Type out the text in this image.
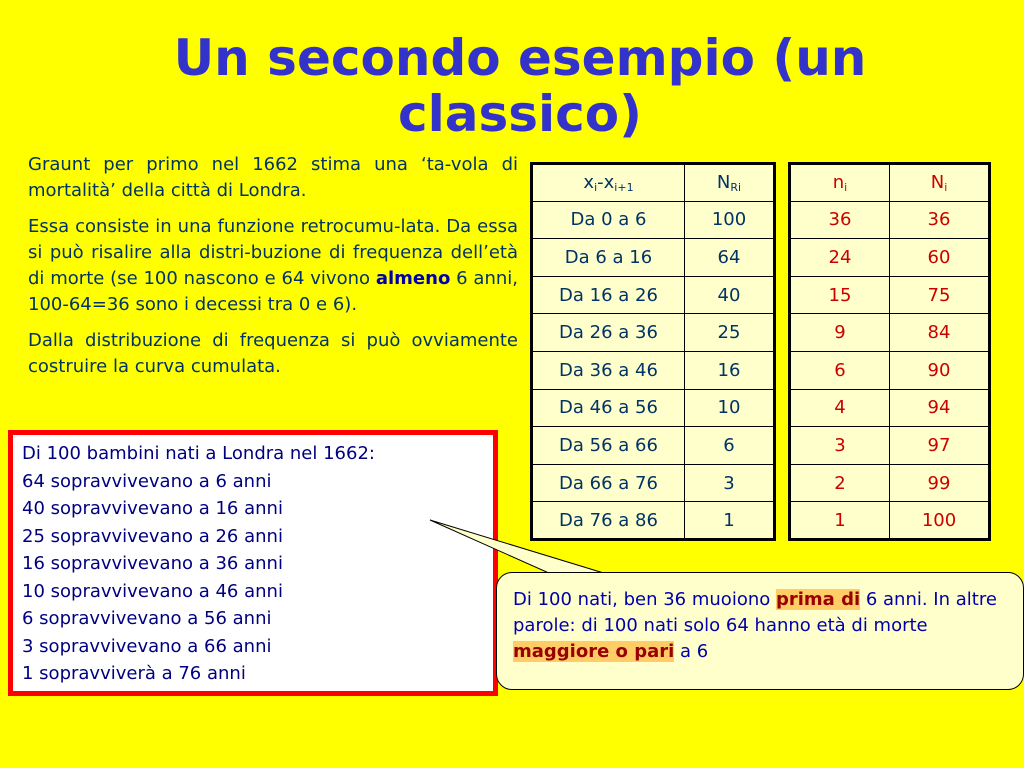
Un secondo esempio (un
classico)

Graunt per primo nel 1662 stima una ‘ta-vola di mortalità’ della città di Londra.

Essa consiste in una funzione retrocumu-lata. Da essa si può risalire alla distri-buzione di frequenza dell’età di morte (se 100 nascono e 64 vivono almeno 6 anni, 100-64=36 sono i decessi tra 0 e 6).

Dalla distribuzione di frequenza si può ovviamente costruire la curva cumulata.

Di 100 bambini nati a Londra nel 1662:
64 sopravvivevano a 6 anni
40 sopravvivevano a 16 anni
25 sopravvivevano a 26 anni
16 sopravvivevano a 36 anni
10 sopravvivevano a 46 anni
6 sopravvivevano a 56 anni
3 sopravvivevano a 66 anni
1 sopravviverà a 76 anni
$x_i-x_{i+1}$	$N_{Ri}$
Da 0 a 6	100
Da 6 a 16	64
Da 16 a 26	40
Da 26 a 36	25
Da 36 a 46	16
Da 46 a 56	10
Da 56 a 66	6
Da 66 a 76	3
Da 76 a 86	1
$n_i$	$N_i$
36	36
24	60
15	75
9	84
6	90
4	94
3	97
2	99
1	100
Di 100 nati, ben 36 muoiono prima di 6 anni. In altre parole: di 100 nati solo 64 hanno età di morte maggiore o pari a 6
